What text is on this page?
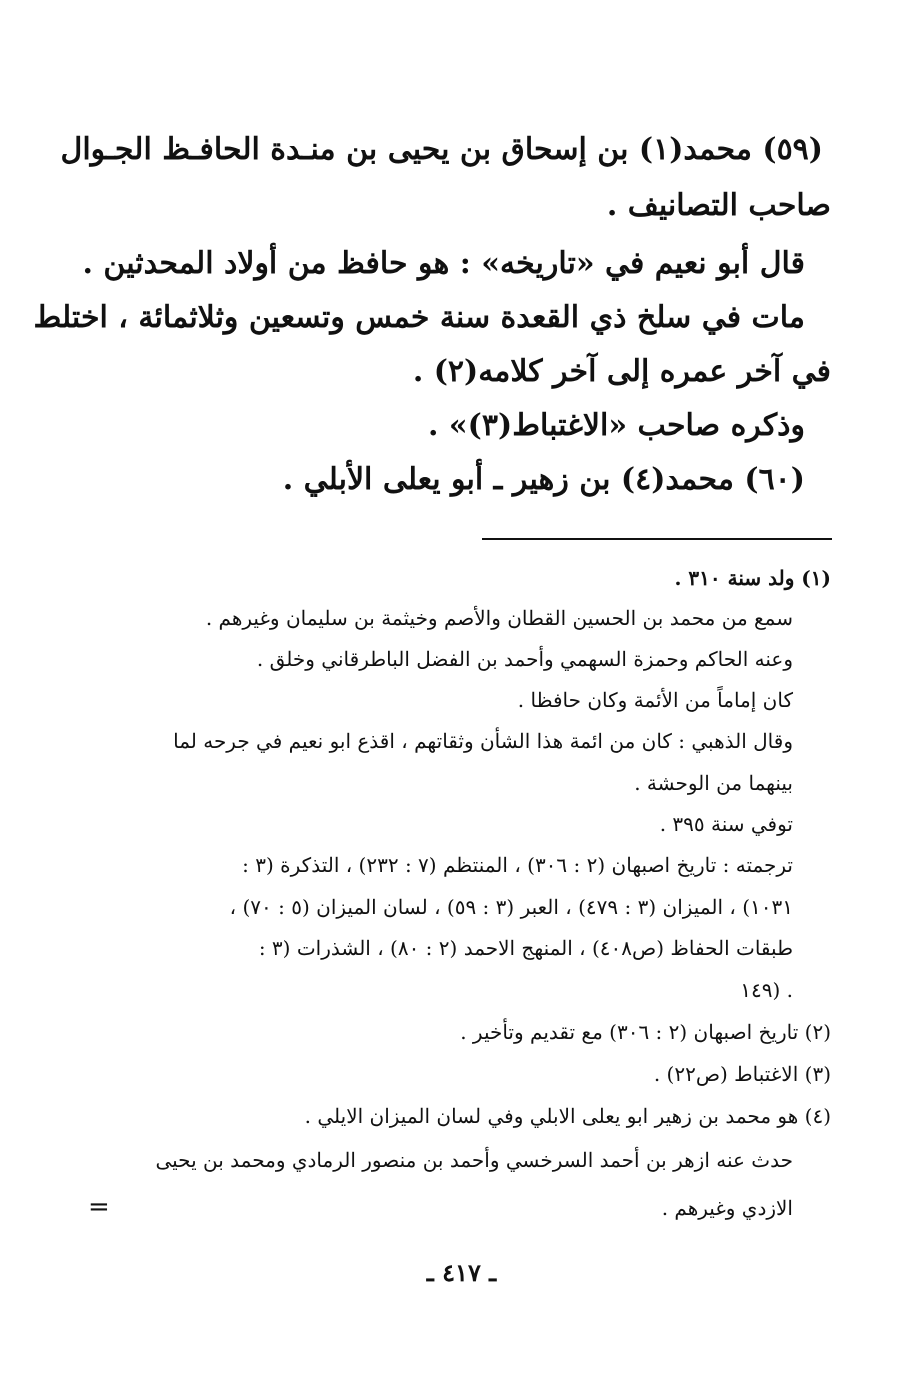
(٥٩) محمد(١) بن إسحاق بن يحيى بن منـدة الحافـظ الجـوال
صاحب التصانيف .
قال أبو نعيم في «تاريخه» : هو حافظ من أولاد المحدثين .
مات في سلخ ذي القعدة سنة خمس وتسعين وثلاثمائة ، اختلط
في آخر عمره إلى آخر كلامه(٢) .
وذكره صاحب «الاغتباط(٣)» .
(٦٠) محمد(٤) بن زهير ـ أبو يعلى الأبلي .
(١) ولد سنة ٣١٠ .
سمع من محمد بن الحسين القطان والأصم وخيثمة بن سليمان وغيرهم .
وعنه الحاكم وحمزة السهمي وأحمد بن الفضل الباطرقاني وخلق .
كان إماماً من الأئمة وكان حافظا .
وقال الذهبي : كان من ائمة هذا الشأن وثقاتهم ، اقذع ابو نعيم في جرحه لما
بينهما من الوحشة .
توفي سنة ٣٩٥ .
ترجمته : تاريخ اصبهان (٢ : ٣٠٦) ، المنتظم (٧ : ٢٣٢) ، التذكرة (٣ :
١٠٣١) ، الميزان (٣ : ٤٧٩) ، العبر (٣ : ٥٩) ، لسان الميزان (٥ : ٧٠) ،
طبقات الحفاظ (ص٤٠٨) ، المنهج الاحمد (٢ : ٨٠) ، الشذرات (٣ :
١٤٩) .
(٢) تاريخ اصبهان (٢ : ٣٠٦) مع تقديم وتأخير .
(٣) الاغتباط (ص٢٢) .
(٤) هو محمد بن زهير ابو يعلى الابلي وفي لسان الميزان الايلي .
حدث عنه ازهر بن أحمد السرخسي وأحمد بن منصور الرمادي ومحمد بن يحيى
الازدي وغيرهم .
=
ـ ٤١٧ ـ
